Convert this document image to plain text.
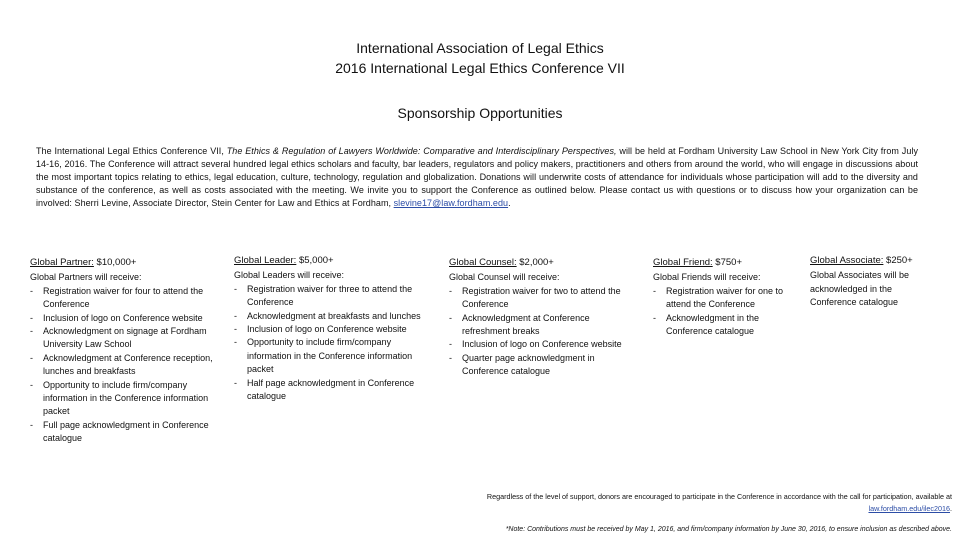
International Association of Legal Ethics
2016 International Legal Ethics Conference VII
Sponsorship Opportunities
The International Legal Ethics Conference VII, The Ethics & Regulation of Lawyers Worldwide: Comparative and Interdisciplinary Perspectives, will be held at Fordham University Law School in New York City from July 14-16, 2016. The Conference will attract several hundred legal ethics scholars and faculty, bar leaders, regulators and policy makers, practitioners and others from around the world, who will engage in discussions about the most important topics relating to ethics, legal education, culture, technology, regulation and globalization. Donations will underwrite costs of attendance for individuals whose participation will add to the diversity and substance of the conference, as well as costs associated with the meeting. We invite you to support the Conference as outlined below. Please contact us with questions or to discuss how your organization can be involved: Sherri Levine, Associate Director, Stein Center for Law and Ethics at Fordham, slevine17@law.fordham.edu.
Global Partner: $10,000+
Global Partners will receive:
- Registration waiver for four to attend the Conference
- Inclusion of logo on Conference website
- Acknowledgment on signage at Fordham University Law School
- Acknowledgment at Conference reception, lunches and breakfasts
- Opportunity to include firm/company information in the Conference information packet
- Full page acknowledgment in Conference catalogue
Global Leader: $5,000+
Global Leaders will receive:
- Registration waiver for three to attend the Conference
- Acknowledgment at breakfasts and lunches
- Inclusion of logo on Conference website
- Opportunity to include firm/company information in the Conference information packet
- Half page acknowledgment in Conference catalogue
Global Counsel: $2,000+
Global Counsel will receive:
- Registration waiver for two to attend the Conference
- Acknowledgment at Conference refreshment breaks
- Inclusion of logo on Conference website
- Quarter page acknowledgment in Conference catalogue
Global Friend: $750+
Global Friends will receive:
- Registration waiver for one to attend the Conference
- Acknowledgment in the Conference catalogue
Global Associate: $250+
Global Associates will be acknowledged in the Conference catalogue
Regardless of the level of support, donors are encouraged to participate in the Conference in accordance with the call for participation, available at law.fordham.edu/ilec2016.
*Note: Contributions must be received by May 1, 2016, and firm/company information by June 30, 2016, to ensure inclusion as described above.
